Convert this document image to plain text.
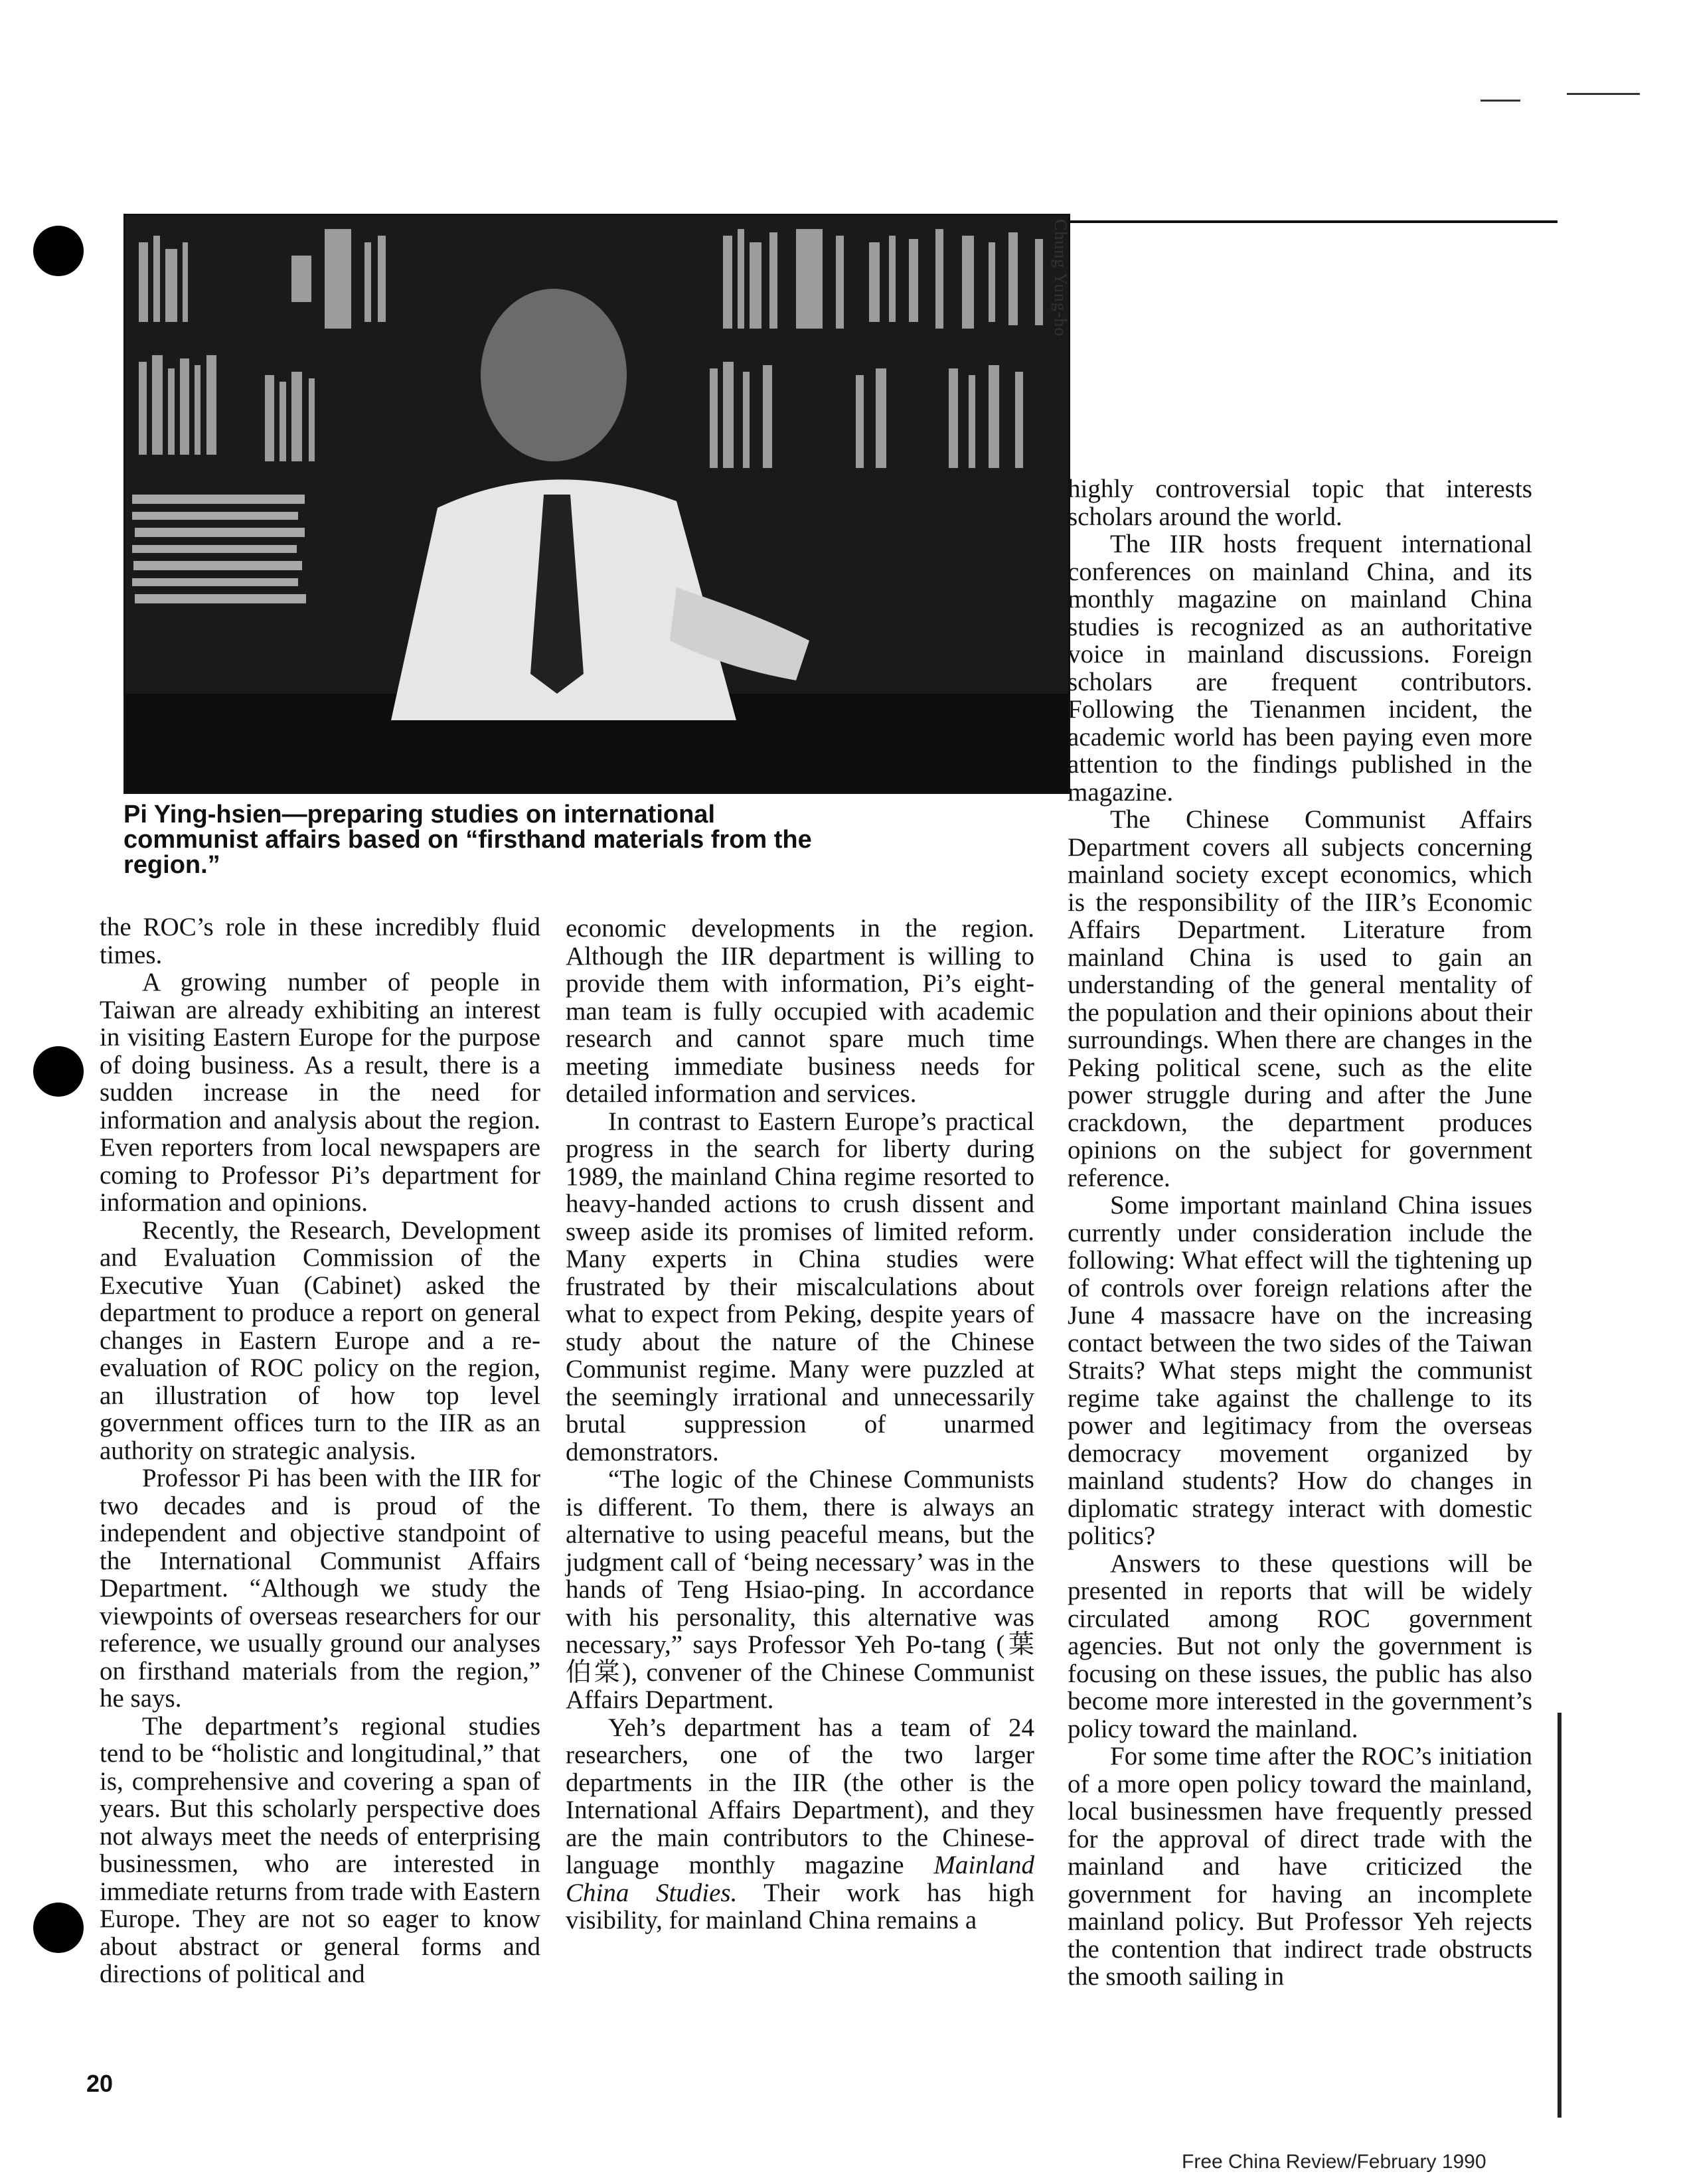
Chung Yung-ho
Pi Ying-hsien—preparing studies on international communist affairs based on “firsthand materials from the region.”

the ROC’s role in these incredibly fluid times.

A growing number of people in Taiwan are already exhibiting an interest in visiting Eastern Europe for the purpose of doing business. As a result, there is a sudden increase in the need for information and analysis about the region. Even reporters from local newspapers are coming to Professor Pi’s department for information and opinions.

Recently, the Research, Development and Evaluation Commission of the Executive Yuan (Cabinet) asked the department to produce a report on general changes in Eastern Europe and a re-evaluation of ROC policy on the region, an illustration of how top level government offices turn to the IIR as an authority on strategic analysis.

Professor Pi has been with the IIR for two decades and is proud of the independent and objective standpoint of the International Communist Affairs Department. “Although we study the viewpoints of overseas researchers for our reference, we usually ground our analyses on firsthand materials from the region,” he says.

The department’s regional studies tend to be “holistic and longitudinal,” that is, comprehensive and covering a span of years. But this scholarly perspective does not always meet the needs of enterprising businessmen, who are interested in immediate returns from trade with Eastern Europe. They are not so eager to know about abstract or general forms and directions of political and

economic developments in the region. Although the IIR department is willing to provide them with information, Pi’s eight-man team is fully occupied with academic research and cannot spare much time meeting immediate business needs for detailed information and services.

In contrast to Eastern Europe’s practical progress in the search for liberty during 1989, the mainland China regime resorted to heavy-handed actions to crush dissent and sweep aside its promises of limited reform. Many experts in China studies were frustrated by their miscalculations about what to expect from Peking, despite years of study about the nature of the Chinese Communist regime. Many were puzzled at the seemingly irrational and unnecessarily brutal suppression of unarmed demonstrators.

“The logic of the Chinese Communists is different. To them, there is always an alternative to using peaceful means, but the judgment call of ‘being necessary’ was in the hands of Teng Hsiao-ping. In accordance with his personality, this alternative was necessary,” says Professor Yeh Po-tang (葉伯棠), convener of the Chinese Communist Affairs Department.

Yeh’s department has a team of 24 researchers, one of the two larger departments in the IIR (the other is the International Affairs Department), and they are the main contributors to the Chinese-language monthly magazine Mainland China Studies. Their work has high visibility, for mainland China remains a

highly controversial topic that interests scholars around the world.

The IIR hosts frequent international conferences on mainland China, and its monthly magazine on mainland China studies is recognized as an authoritative voice in mainland discussions. Foreign scholars are frequent contributors. Following the Tienanmen incident, the academic world has been paying even more attention to the findings published in the magazine.

The Chinese Communist Affairs Department covers all subjects concerning mainland society except economics, which is the responsibility of the IIR’s Economic Affairs Department. Literature from mainland China is used to gain an understanding of the general mentality of the population and their opinions about their surroundings. When there are changes in the Peking political scene, such as the elite power struggle during and after the June crackdown, the department produces opinions on the subject for government reference.

Some important mainland China issues currently under consideration include the following: What effect will the tightening up of controls over foreign relations after the June 4 massacre have on the increasing contact between the two sides of the Taiwan Straits? What steps might the communist regime take against the challenge to its power and legitimacy from the overseas democracy movement organized by mainland students? How do changes in diplomatic strategy interact with domestic politics?

Answers to these questions will be presented in reports that will be widely circulated among ROC government agencies. But not only the government is focusing on these issues, the public has also become more interested in the government’s policy toward the mainland.

For some time after the ROC’s initiation of a more open policy toward the mainland, local businessmen have frequently pressed for the approval of direct trade with the mainland and have criticized the government for having an incomplete mainland policy. But Professor Yeh rejects the contention that indirect trade obstructs the smooth sailing in

20
Free China Review/February 1990
